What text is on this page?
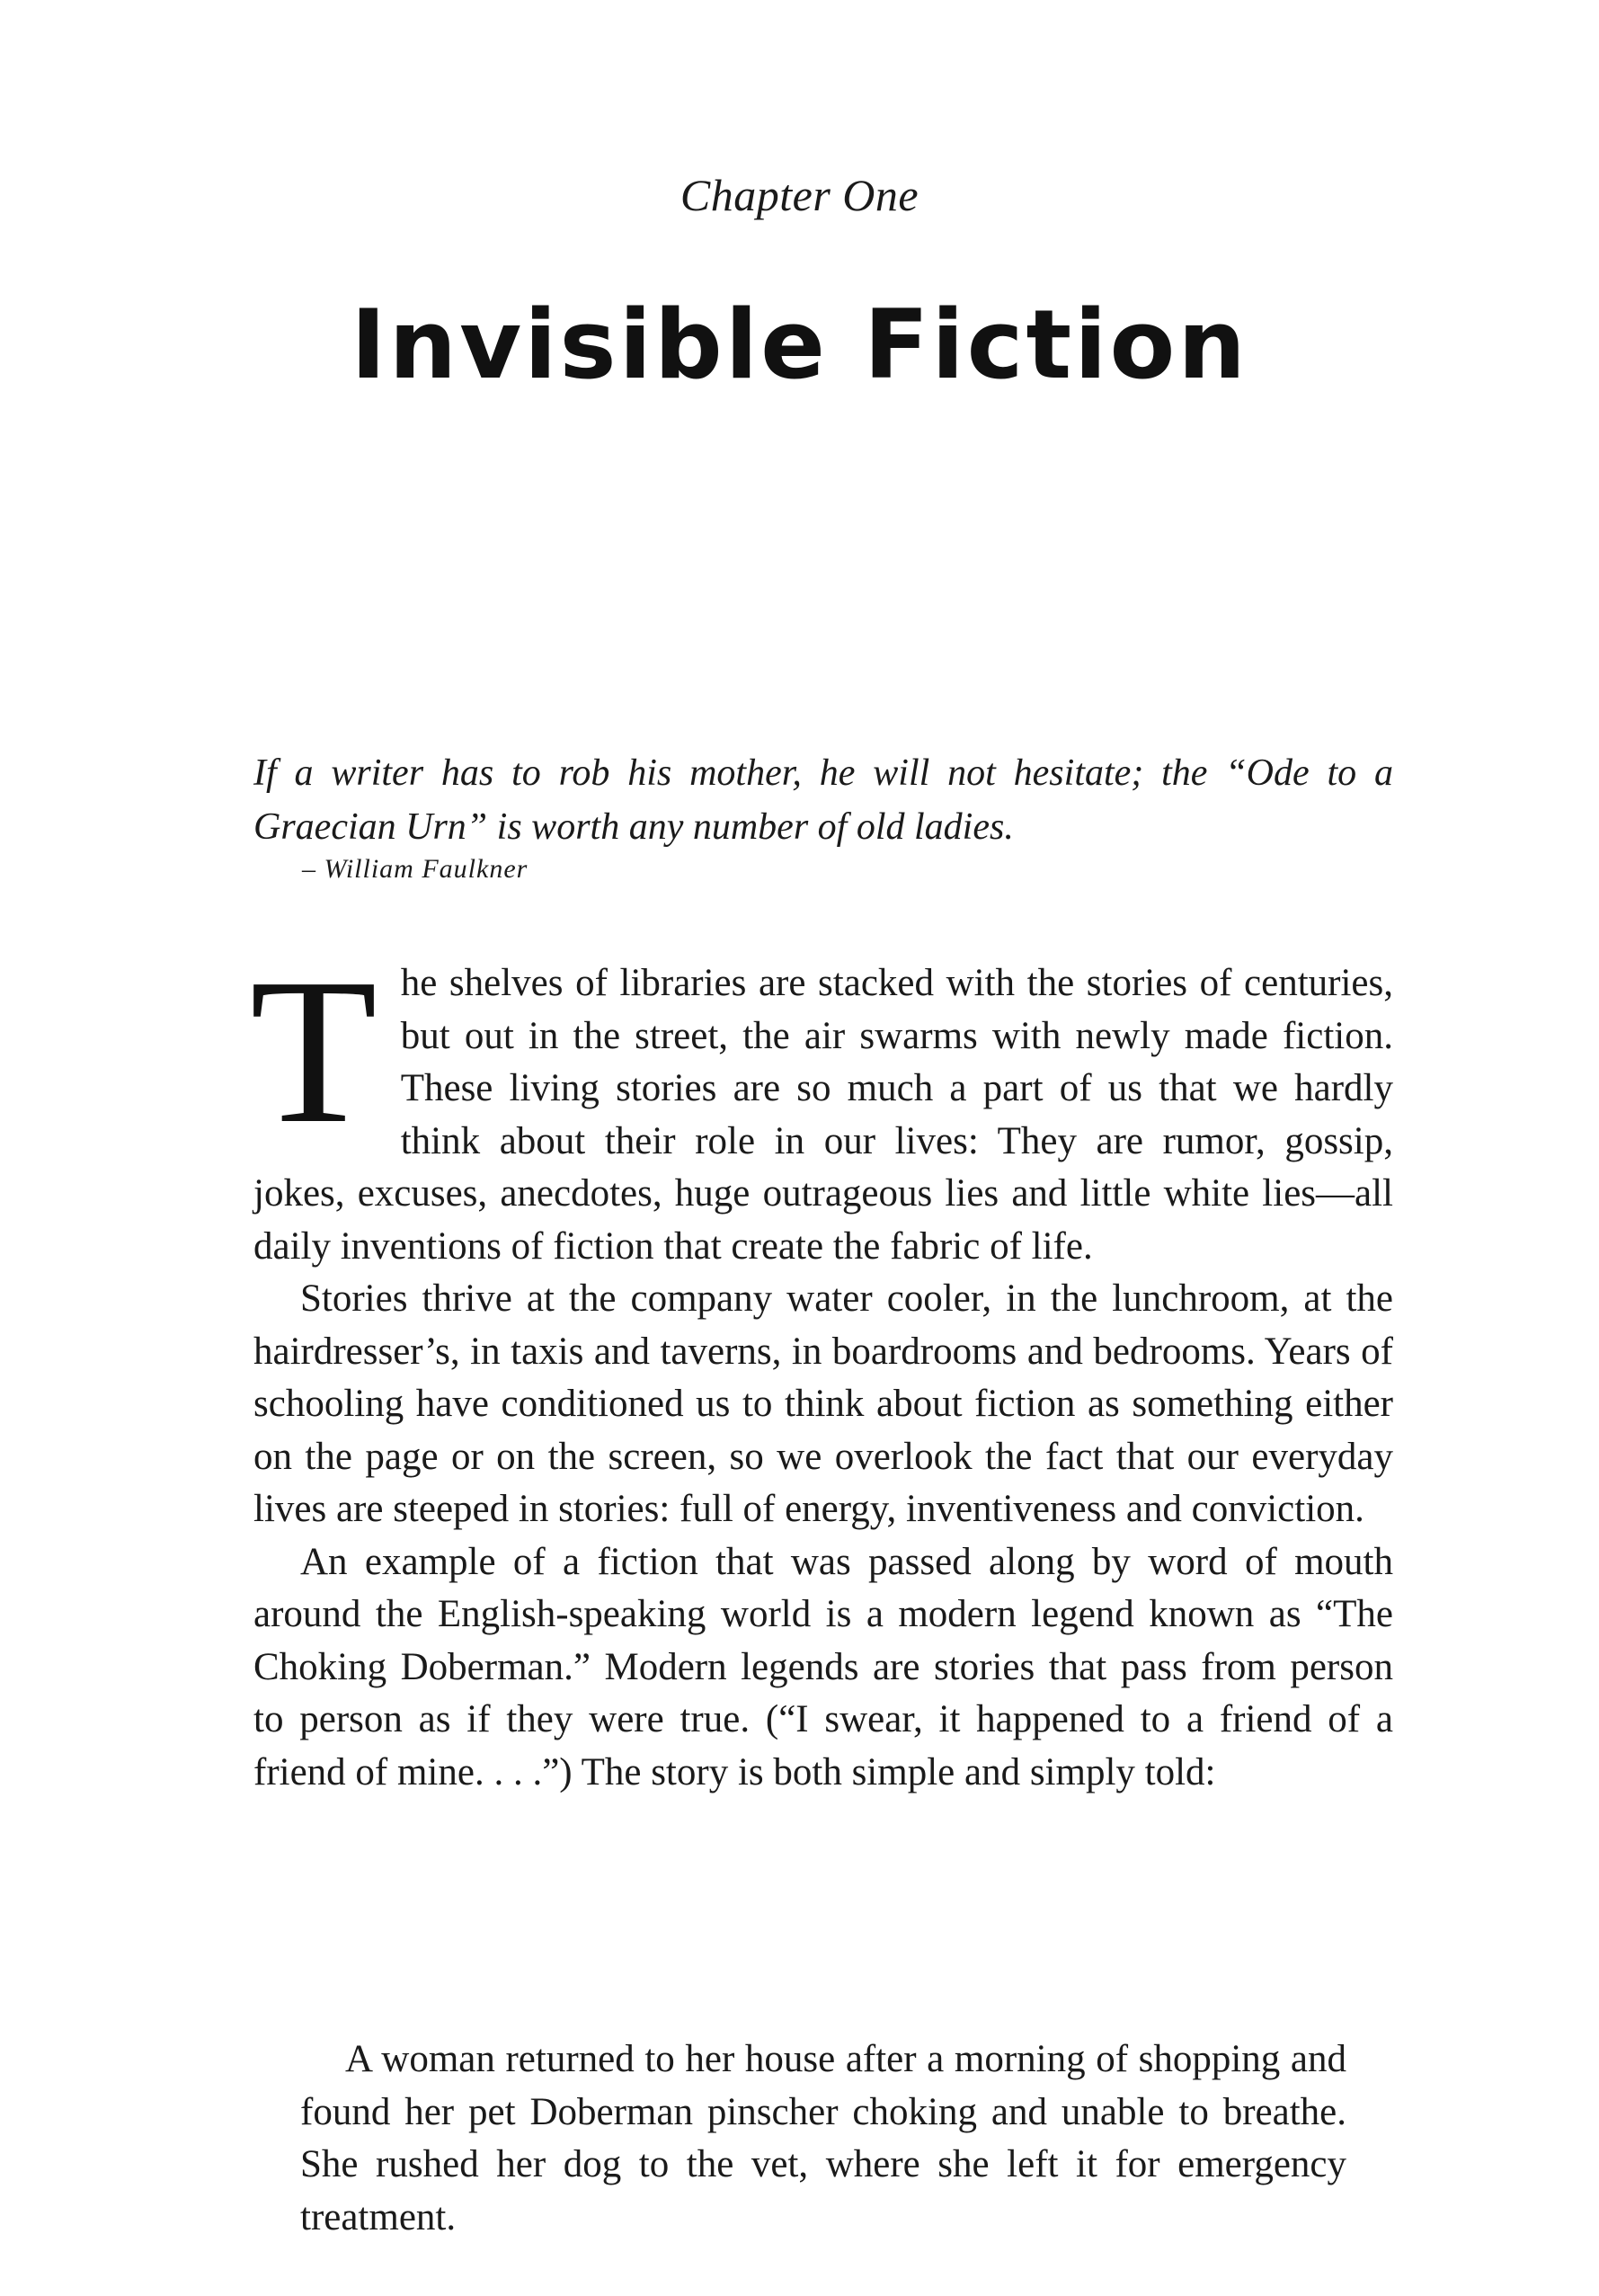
Chapter One
Invisible Fiction
If a writer has to rob his mother, he will not hesitate; the “Ode to a Graecian Urn” is worth any number of old ladies.
– William Faulkner

The shelves of libraries are stacked with the stories of centuries, but out in the street, the air swarms with newly made fiction. These living stories are so much a part of us that we hardly think about their role in our lives: They are rumor, gossip, jokes, excuses, anecdotes, huge outrageous lies and little white lies—all daily inventions of fiction that create the fabric of life.

Stories thrive at the company water cooler, in the lunchroom, at the hairdresser’s, in taxis and taverns, in boardrooms and bedrooms. Years of schooling have conditioned us to think about fiction as something either on the page or on the screen, so we overlook the fact that our everyday lives are steeped in stories: full of energy, inventiveness and conviction.

An example of a fiction that was passed along by word of mouth around the English-speaking world is a modern legend known as “The Choking Doberman.” Modern legends are stories that pass from person to person as if they were true. (“I swear, it happened to a friend of a friend of mine. . . .”) The story is both simple and simply told:

A woman returned to her house after a morning of shopping and found her pet Doberman pinscher choking and unable to breathe. She rushed her dog to the vet, where she left it for emergency treatment.
